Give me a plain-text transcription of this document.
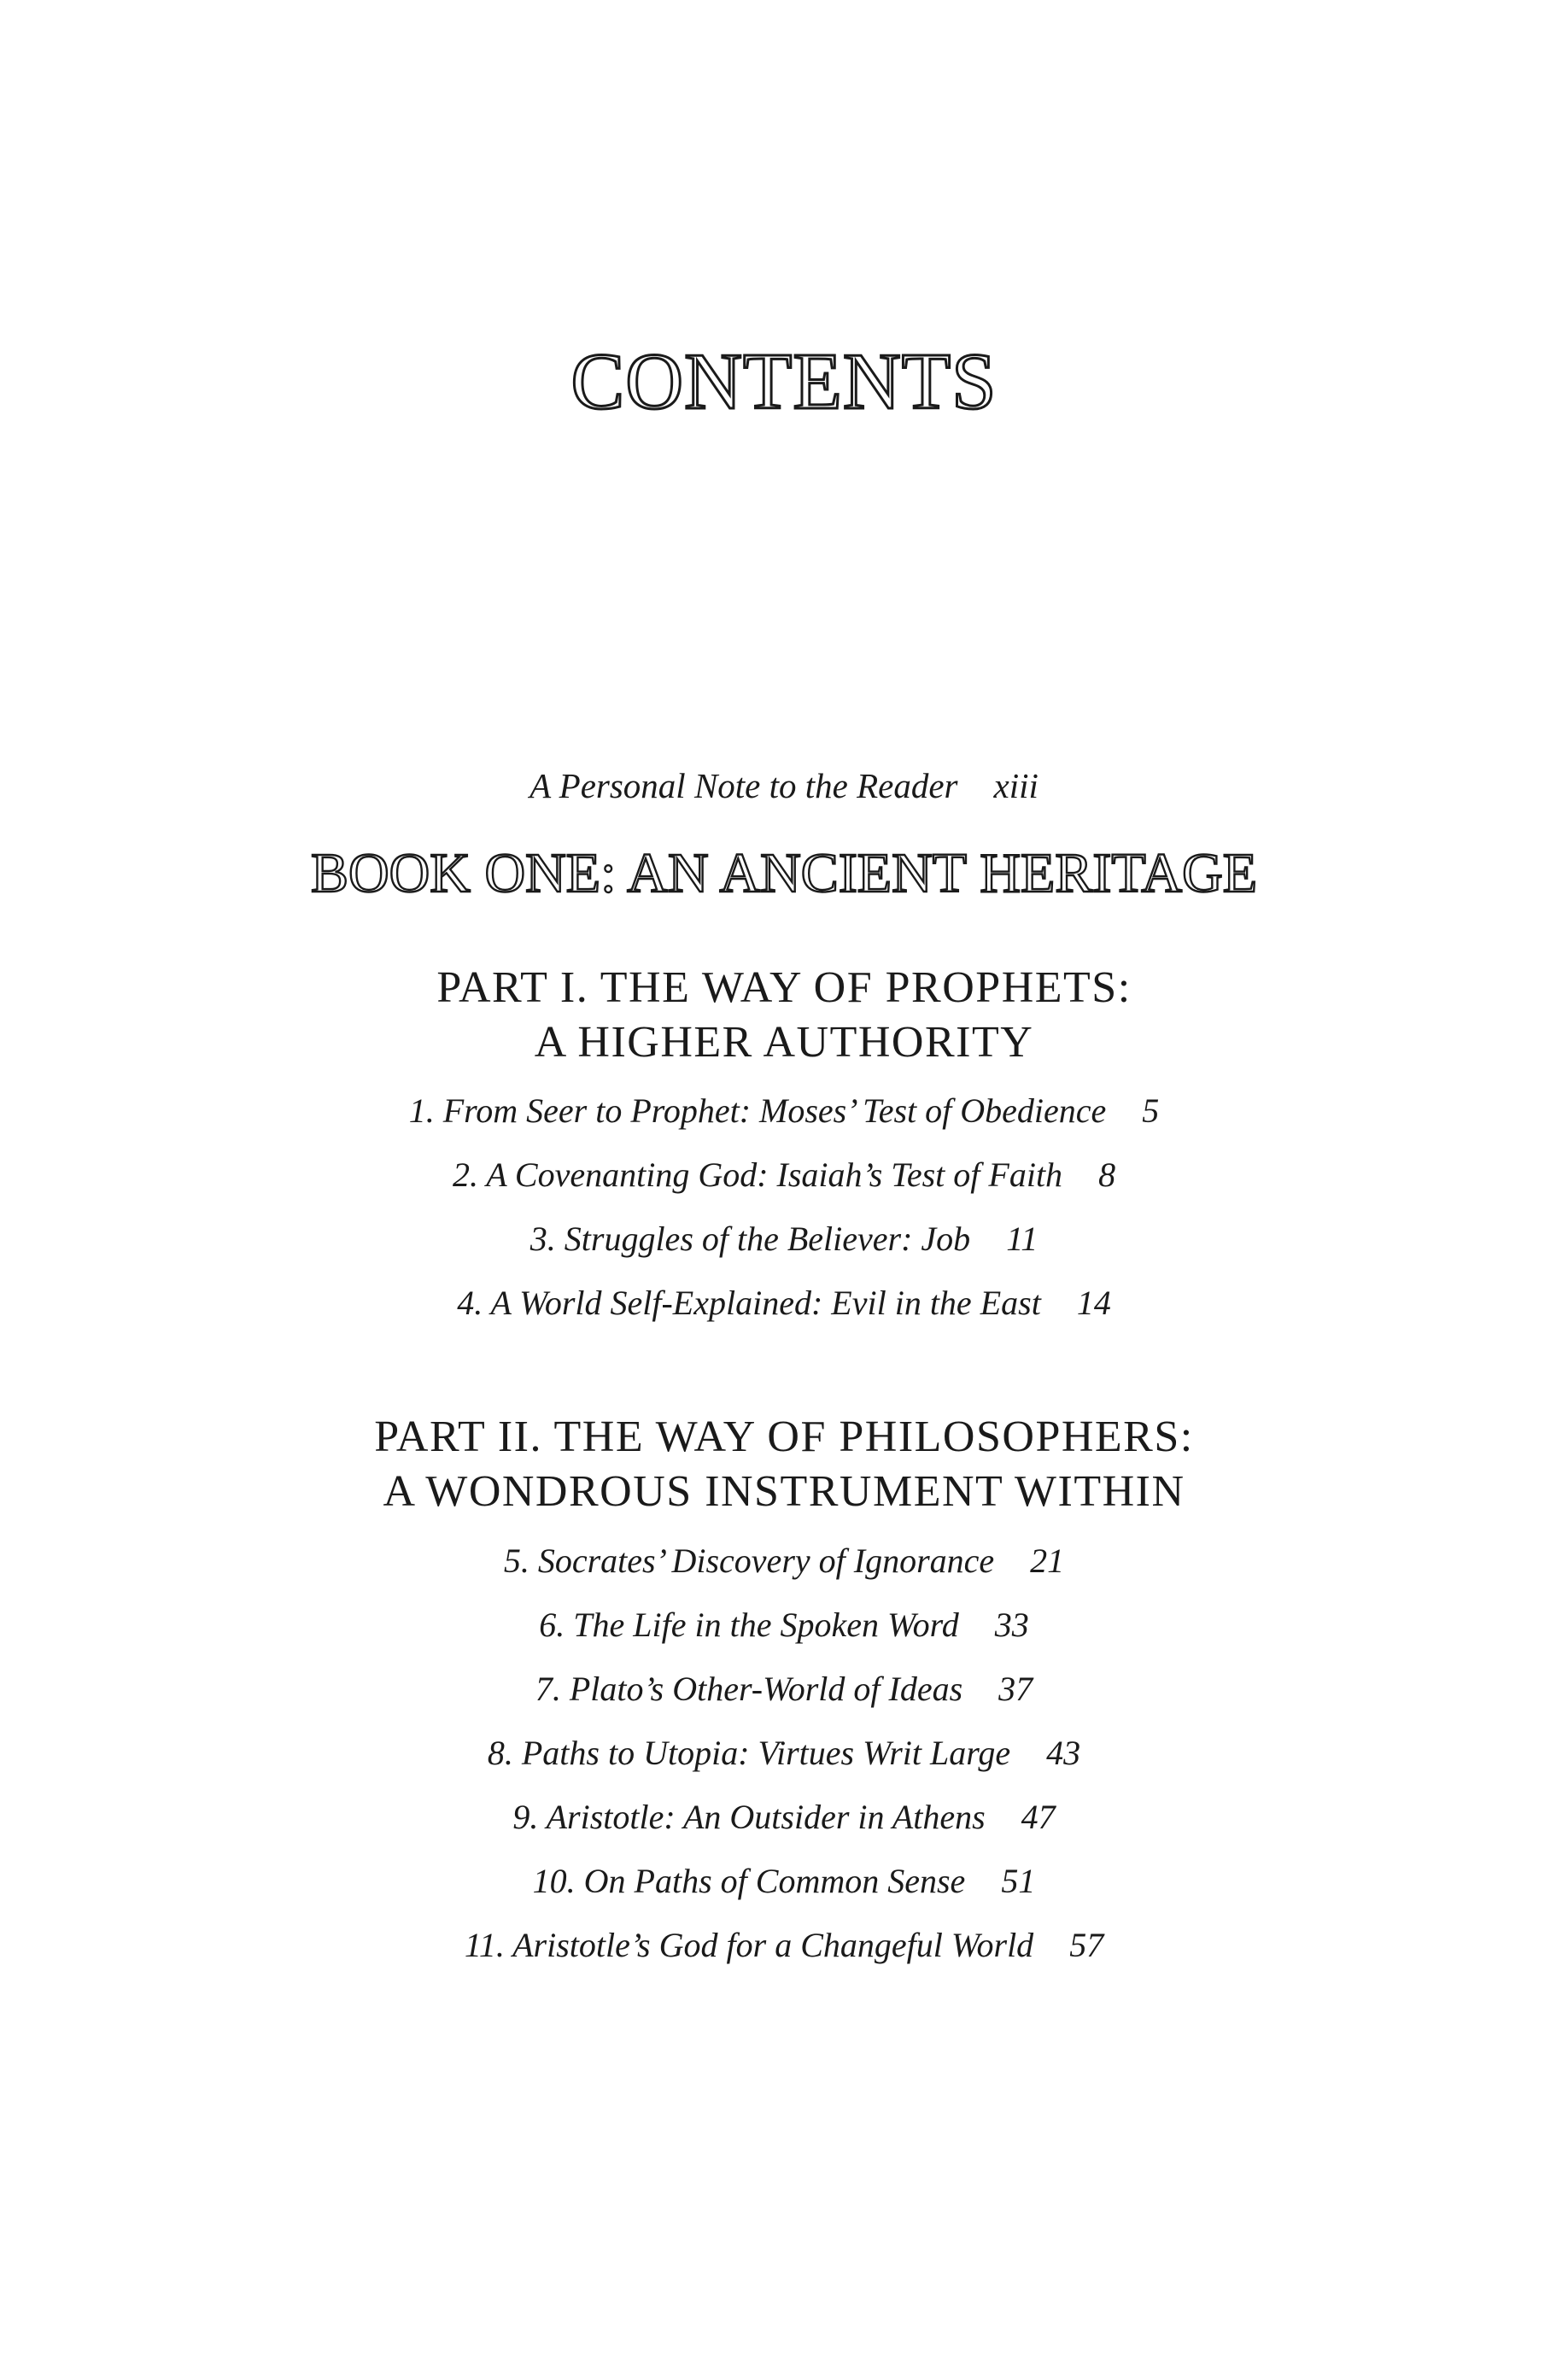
CONTENTS
A Personal Note to the Reader xiii
BOOK ONE: AN ANCIENT HERITAGE
PART I. THE WAY OF PROPHETS:
A HIGHER AUTHORITY
1. From Seer to Prophet: Moses’ Test of Obedience 5
2. A Covenanting God: Isaiah’s Test of Faith 8
3. Struggles of the Believer: Job 11
4. A World Self-Explained: Evil in the East 14
PART II. THE WAY OF PHILOSOPHERS:
A WONDROUS INSTRUMENT WITHIN
5. Socrates’ Discovery of Ignorance 21
6. The Life in the Spoken Word 33
7. Plato’s Other-World of Ideas 37
8. Paths to Utopia: Virtues Writ Large 43
9. Aristotle: An Outsider in Athens 47
10. On Paths of Common Sense 51
11. Aristotle’s God for a Changeful World 57
